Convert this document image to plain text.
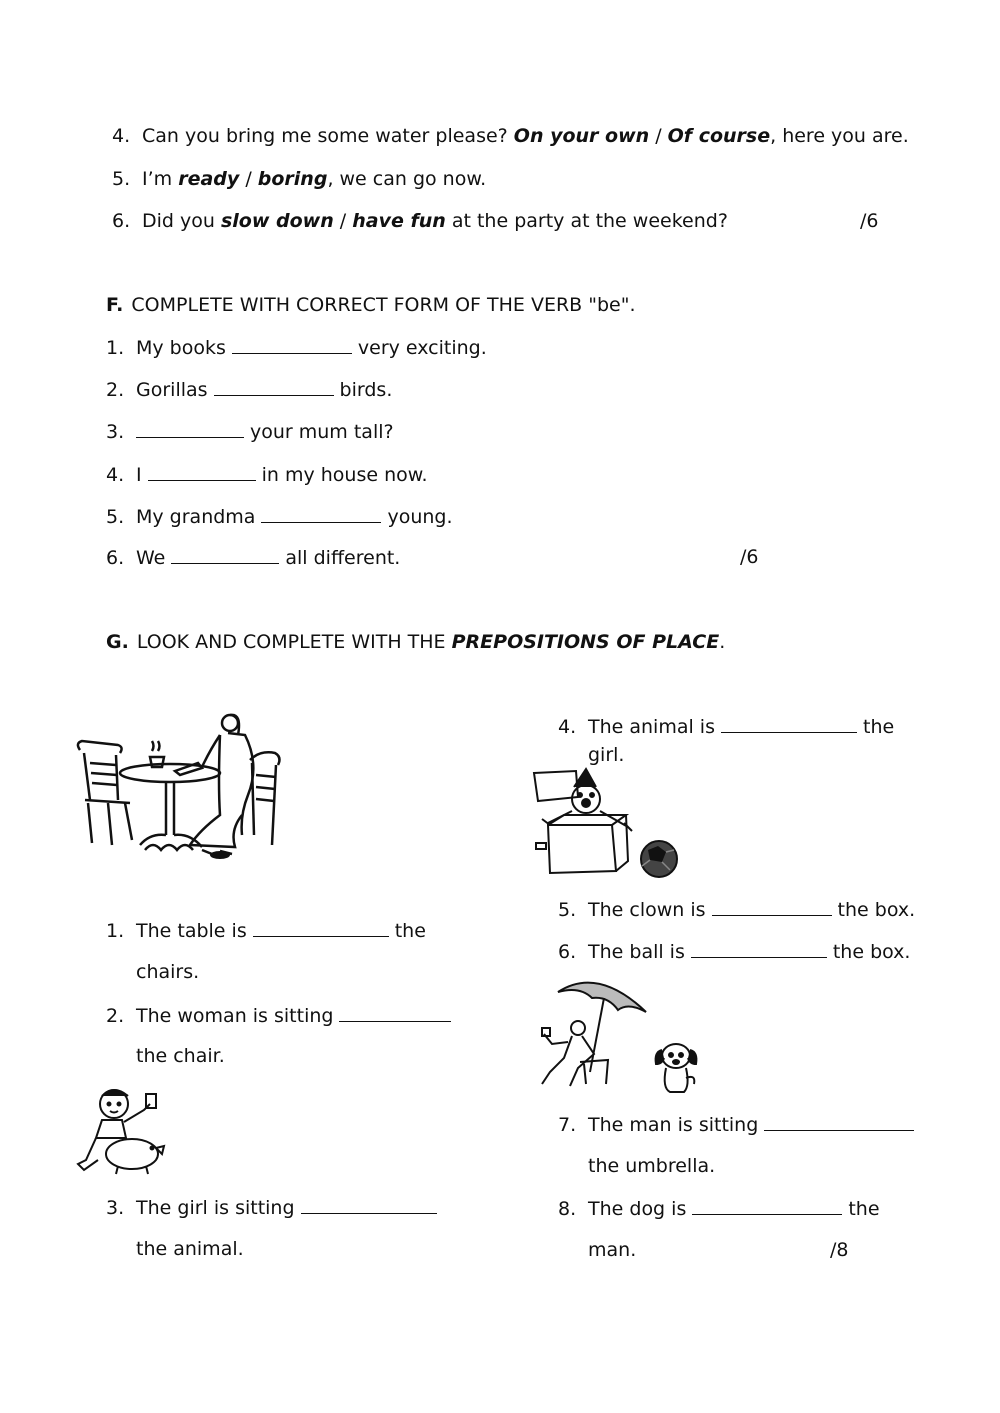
4. Can you bring me some water please? On your own / Of course, here you are.
5. I’m ready / boring, we can go now.
6. Did you slow down / have fun at the party at the weekend?	/6
F. COMPLETE WITH CORRECT FORM OF THE VERB "be".
1. My books	very exciting.
2. Gorillas	birds.
3.	your mum tall?
4. I	in my house now.
5. My grandma	young.
6. We	all different.	/6
G. LOOK AND COMPLETE WITH THE PREPOSITIONS OF PLACE.
1. The table is	the
chairs.
2. The woman is sitting
the chair.
3. The girl is sitting
the animal.
4. The animal is	the
girl.
5. The clown is	the box.
6. The ball is	the box.
7. The man is sitting
the umbrella.
8. The dog is	the
man.	/8
